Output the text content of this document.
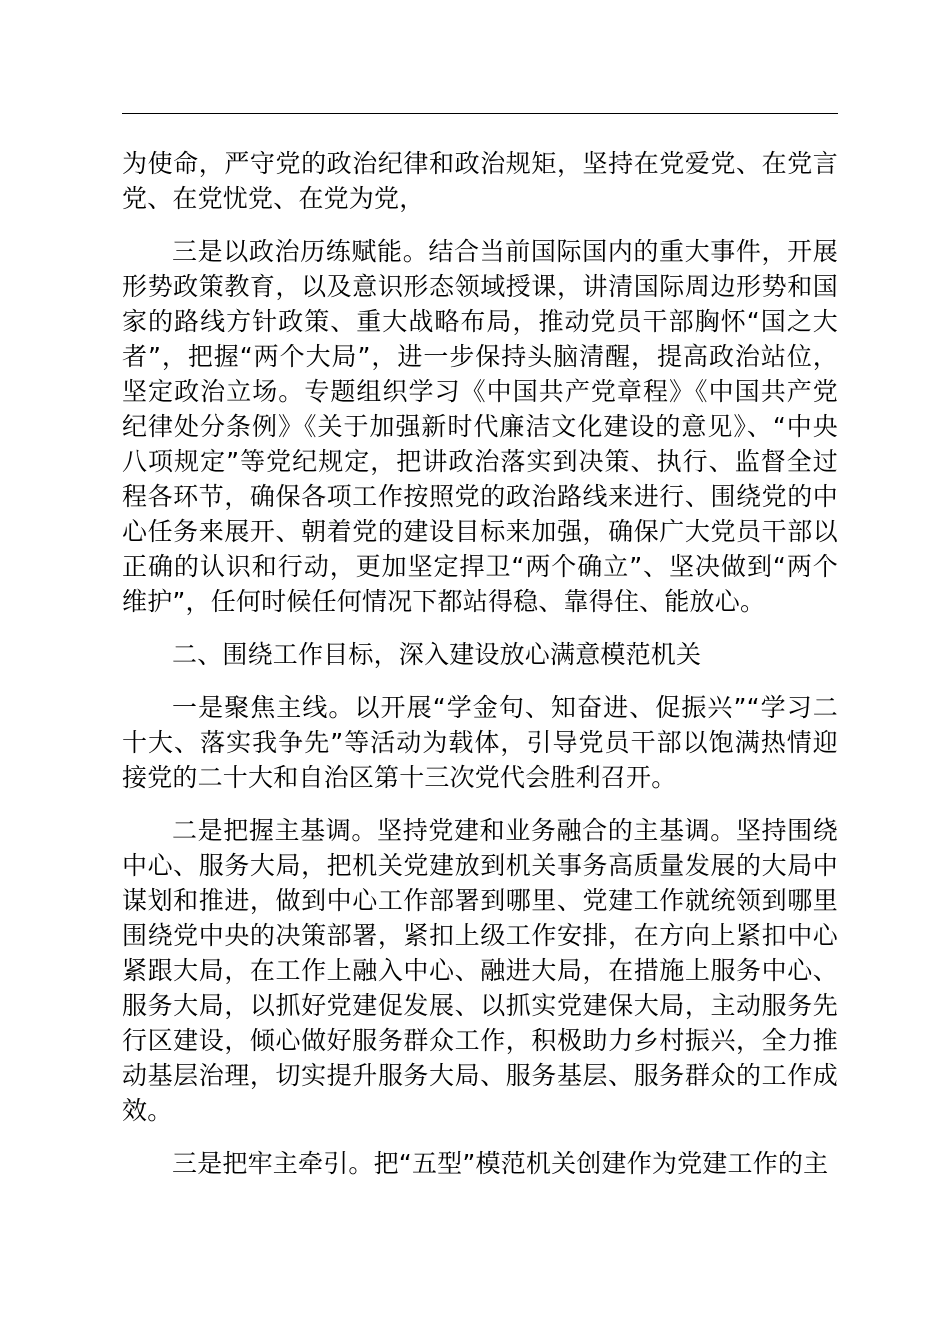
为使命，严守党的政治纪律和政治规矩，坚持在党爱党、在党言党、在党忧党、在党为党，

三是以政治历练赋能。结合当前国际国内的重大事件，开展形势政策教育，以及意识形态领域授课，讲清国际周边形势和国家的路线方针政策、重大战略布局，推动党员干部胸怀“国之大者”，把握“两个大局”，进一步保持头脑清醒，提高政治站位，坚定政治立场。专题组织学习《中国共产党章程》《中国共产党纪律处分条例》《关于加强新时代廉洁文化建设的意见》、“中央八项规定”等党纪规定，把讲政治落实到决策、执行、监督全过程各环节，确保各项工作按照党的政治路线来进行、围绕党的中心任务来展开、朝着党的建设目标来加强，确保广大党员干部以正确的认识和行动，更加坚定捍卫“两个确立”、坚决做到“两个维护”，任何时候任何情况下都站得稳、靠得住、能放心。

二、围绕工作目标，深入建设放心满意模范机关

一是聚焦主线。以开展“学金句、知奋进、促振兴”“学习二十大、落实我争先”等活动为载体，引导党员干部以饱满热情迎接党的二十大和自治区第十三次党代会胜利召开。

二是把握主基调。坚持党建和业务融合的主基调。坚持围绕中心、服务大局，把机关党建放到机关事务高质量发展的大局中谋划和推进，做到中心工作部署到哪里、党建工作就统领到哪里围绕党中央的决策部署，紧扣上级工作安排，在方向上紧扣中心紧跟大局，在工作上融入中心、融进大局，在措施上服务中心、服务大局，以抓好党建促发展、以抓实党建保大局，主动服务先行区建设，倾心做好服务群众工作，积极助力乡村振兴，全力推动基层治理，切实提升服务大局、服务基层、服务群众的工作成效。

三是把牢主牵引。把“五型”模范机关创建作为党建工作的主
